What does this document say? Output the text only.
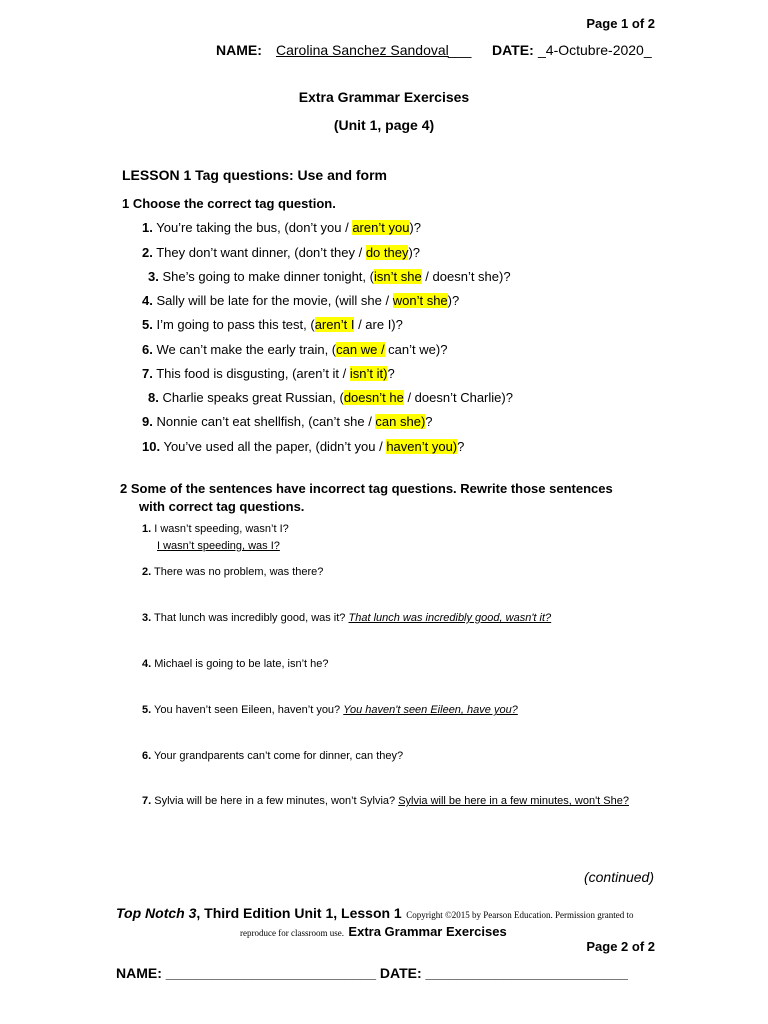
Page 1 of 2
NAME: Carolina Sanchez Sandoval ___ DATE: _4-Octubre-2020_
Extra Grammar Exercises
(Unit 1, page 4)
LESSON 1 Tag questions: Use and form
1 Choose the correct tag question.
1. You’re taking the bus, (don’t you / aren’t you)?
2. They don’t want dinner, (don’t they / do they)?
3. She’s going to make dinner tonight, (isn’t she / doesn’t she)?
4. Sally will be late for the movie, (will she / won’t she)?
5. I’m going to pass this test, (aren’t I / are I)?
6. We can’t make the early train, (can we / can’t we)?
7. This food is disgusting, (aren’t it / isn’t it)?
8. Charlie speaks great Russian, (doesn’t he / doesn’t Charlie)?
9. Nonnie can’t eat shellfish, (can’t she / can she)?
10. You’ve used all the paper, (didn’t you / haven’t you)?
2 Some of the sentences have incorrect tag questions. Rewrite those sentences
with correct tag questions.
1. I wasn’t speeding, wasn’t I?
I wasn’t speeding, was I?
2. There was no problem, was there?
3. That lunch was incredibly good, was it? That lunch was incredibly good, wasn't it?
4. Michael is going to be late, isn’t he?
5. You haven’t seen Eileen, haven’t you? You haven't seen Eileen, have you?
6. Your grandparents can’t come for dinner, can they?
7. Sylvia will be here in a few minutes, won’t Sylvia? Sylvia will be here in a few minutes, won't She?
(continued)
Top Notch 3, Third Edition Unit 1, Lesson 1 Copyright ©2015 by Pearson Education. Permission granted to
reproduce for classroom use. Extra Grammar Exercises
Page 2 of 2
NAME: ___________________________ DATE: __________________________
